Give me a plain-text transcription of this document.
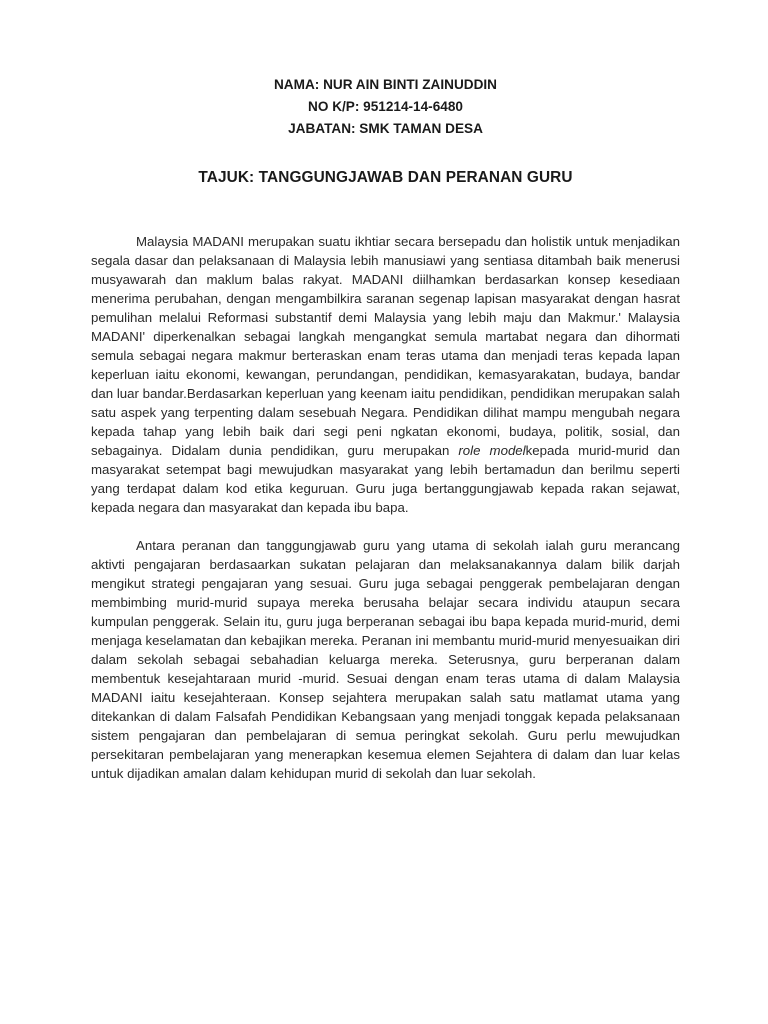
NAMA: NUR AIN BINTI ZAINUDDIN

NO K/P: 951214-14-6480

JABATAN: SMK TAMAN DESA

TAJUK: TANGGUNGJAWAB DAN PERANAN GURU

Malaysia MADANI merupakan suatu ikhtiar secara bersepadu dan holistik untuk menjadikan segala dasar dan pelaksanaan di Malaysia lebih manusiawi yang sentiasa ditambah baik menerusi musyawarah dan maklum balas rakyat. MADANI diilhamkan berdasarkan konsep kesediaan menerima perubahan, dengan mengambilkira saranan segenap lapisan masyarakat dengan hasrat pemulihan melalui Reformasi substantif demi Malaysia yang lebih maju dan Makmur.' Malaysia MADANI' diperkenalkan sebagai langkah mengangkat semula martabat negara dan dihormati semula sebagai negara makmur berteraskan enam teras utama dan menjadi teras kepada lapan keperluan iaitu ekonomi, kewangan, perundangan, pendidikan, kemasyarakatan, budaya, bandar dan luar bandar.Berdasarkan keperluan yang keenam iaitu pendidikan, pendidikan merupakan salah satu aspek yang terpenting dalam sesebuah Negara. Pendidikan dilihat mampu mengubah negara kepada tahap yang lebih baik dari segi peni ngkatan ekonomi, budaya, politik, sosial, dan sebagainya. Didalam dunia pendidikan, guru merupakan role modelkepada murid-murid dan masyarakat setempat bagi mewujudkan masyarakat yang lebih bertamadun dan berilmu seperti yang terdapat dalam kod etika keguruan. Guru juga bertanggungjawab kepada rakan sejawat, kepada negara dan masyarakat dan kepada ibu bapa.

Antara peranan dan tanggungjawab guru yang utama di sekolah ialah guru merancang aktivti pengajaran berdasaarkan sukatan pelajaran dan melaksanakannya dalam bilik darjah mengikut strategi pengajaran yang sesuai. Guru juga sebagai penggerak pembelajaran dengan membimbing murid-murid supaya mereka berusaha belajar secara individu ataupun secara kumpulan penggerak. Selain itu, guru juga berperanan sebagai ibu bapa kepada murid-murid, demi menjaga keselamatan dan kebajikan mereka. Peranan ini membantu murid-murid menyesuaikan diri dalam sekolah sebagai sebahadian keluarga mereka. Seterusnya, guru berperanan dalam membentuk kesejahtaraan murid -murid. Sesuai dengan enam teras utama di dalam Malaysia MADANI iaitu kesejahteraan. Konsep sejahtera merupakan salah satu matlamat utama yang ditekankan di dalam Falsafah Pendidikan Kebangsaan yang menjadi tonggak kepada pelaksanaan sistem pengajaran dan pembelajaran di semua peringkat sekolah. Guru perlu mewujudkan persekitaran pembelajaran yang menerapkan kesemua elemen Sejahtera di dalam dan luar kelas untuk dijadikan amalan dalam kehidupan murid di sekolah dan luar sekolah.
